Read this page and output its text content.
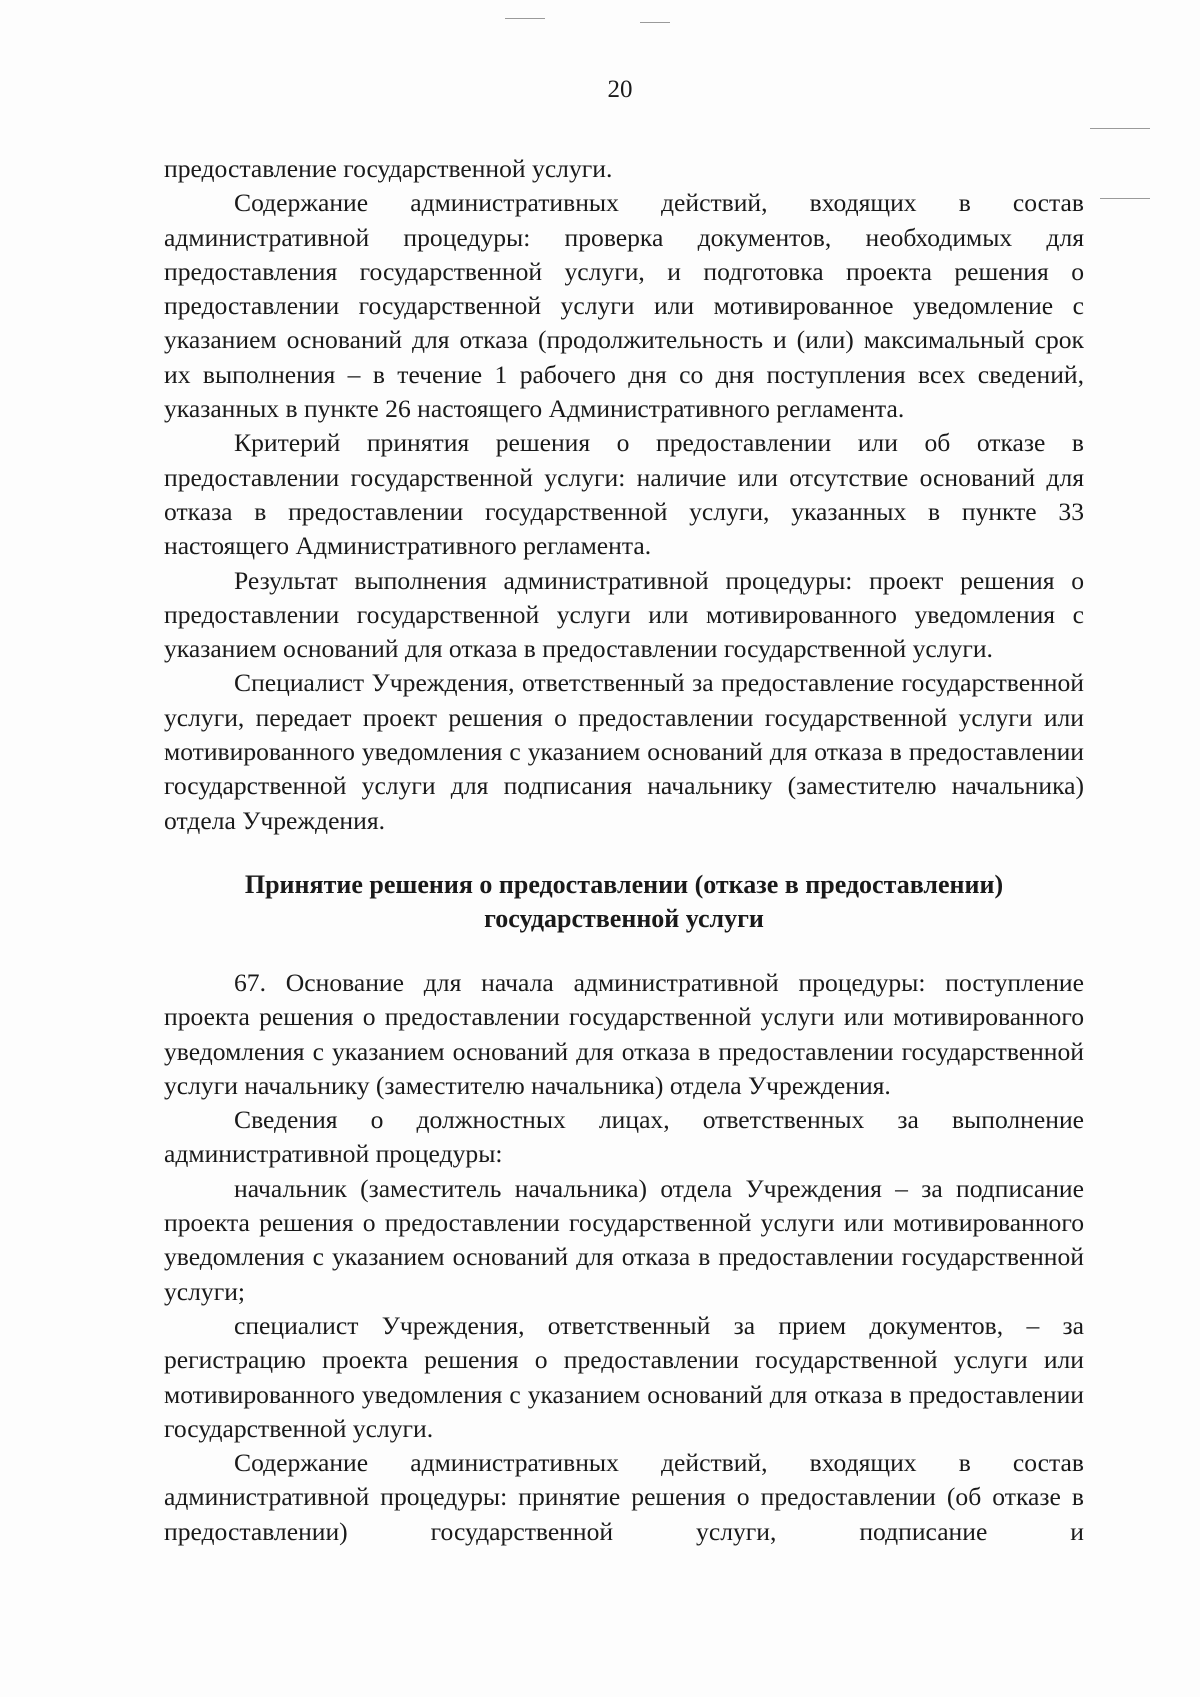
20

предоставление государственной услуги.

Содержание административных действий, входящих в состав административной процедуры: проверка документов, необходимых для предоставления государственной услуги, и подготовка проекта решения о предоставлении государственной услуги или мотивированное уведомление с указанием оснований для отказа (продолжительность и (или) максимальный срок их выполнения – в течение 1 рабочего дня со дня поступления всех сведений, указанных в пункте 26 настоящего Административного регламента.

Критерий принятия решения о предоставлении или об отказе в предоставлении государственной услуги: наличие или отсутствие оснований для отказа в предоставлении государственной услуги, указанных в пункте 33 настоящего Административного регламента.

Результат выполнения административной процедуры: проект решения о предоставлении государственной услуги или мотивированного уведомления с указанием оснований для отказа в предоставлении государственной услуги.

Специалист Учреждения, ответственный за предоставление государственной услуги, передает проект решения о предоставлении государственной услуги или мотивированного уведомления с указанием оснований для отказа в предоставлении государственной услуги для подписания начальнику (заместителю начальника) отдела Учреждения.

Принятие решения о предоставлении (отказе в предоставлении)
государственной услуги

67. Основание для начала административной процедуры: поступление проекта решения о предоставлении государственной услуги или мотивированного уведомления с указанием оснований для отказа в предоставлении государственной услуги начальнику (заместителю начальника) отдела Учреждения.

Сведения о должностных лицах, ответственных за выполнение административной процедуры:

начальник (заместитель начальника) отдела Учреждения – за подписание проекта решения о предоставлении государственной услуги или мотивированного уведомления с указанием оснований для отказа в предоставлении государственной услуги;

специалист Учреждения, ответственный за прием документов, – за регистрацию проекта решения о предоставлении государственной услуги или мотивированного уведомления с указанием оснований для отказа в предоставлении государственной услуги.

Содержание административных действий, входящих в состав административной процедуры: принятие решения о предоставлении (об отказе в предоставлении) государственной услуги, подписание и
